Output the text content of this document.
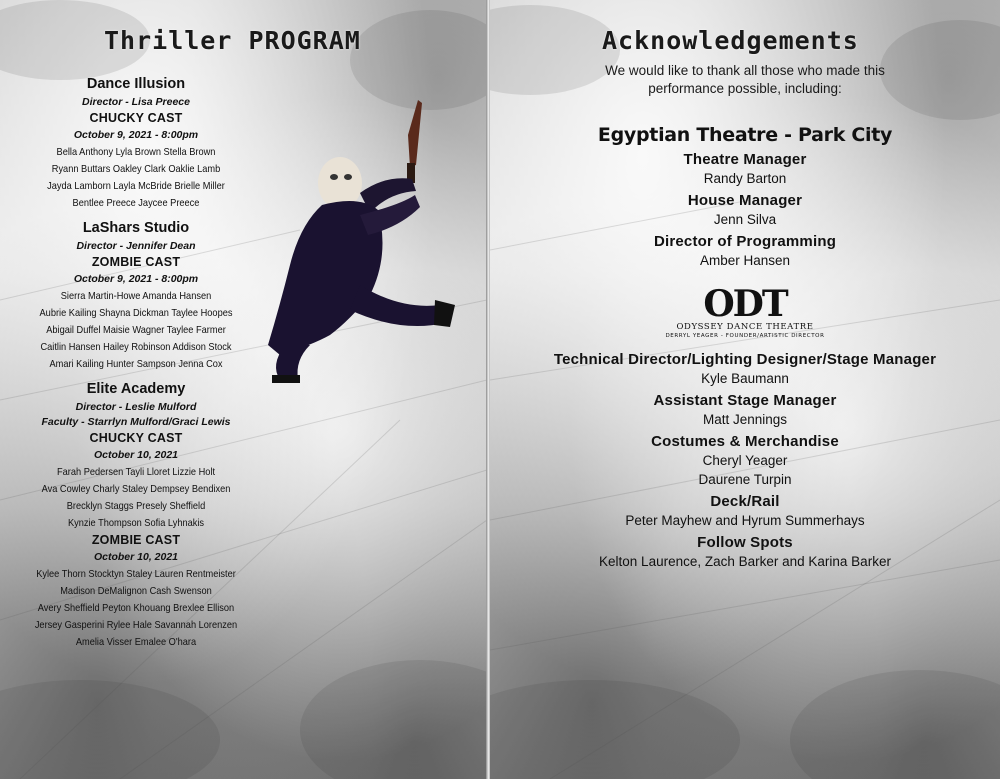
Thriller PROGRAM
Dance Illusion
Director - Lisa Preece
CHUCKY CAST
October 9, 2021 - 8:00pm
Bella Anthony Lyla Brown Stella Brown
Ryann Buttars Oakley Clark Oaklie Lamb
Jayda Lamborn Layla McBride Brielle Miller
Bentlee Preece Jaycee Preece
LaShars Studio
Director - Jennifer Dean
ZOMBIE CAST
October 9, 2021 - 8:00pm
Sierra Martin-Howe Amanda Hansen
Aubrie Kailing Shayna Dickman Taylee Hoopes
Abigail Duffel Maisie Wagner Taylee Farmer
Caitlin Hansen Hailey Robinson Addison Stock
Amari Kailing Hunter Sampson Jenna Cox
Elite Academy
Director - Leslie Mulford
Faculty - Starrlyn Mulford/Graci Lewis
CHUCKY CAST
October 10, 2021
Farah Pedersen Tayli Lloret Lizzie Holt
Ava Cowley Charly Staley Dempsey Bendixen
Brecklyn Staggs Presely Sheffield
Kynzie Thompson Sofia Lyhnakis
ZOMBIE CAST
October 10, 2021
Kylee Thorn Stocktyn Staley Lauren Rentmeister
Madison DeMalignon Cash Swenson
Avery Sheffield Peyton Khouang Brexlee Ellison
Jersey Gasperini Rylee Hale Savannah Lorenzen
Amelia Visser Emalee O'hara
Acknowledgements
We would like to thank all those who made this
performance possible, including:
Egyptian Theatre - Park City
Theatre Manager
Randy Barton
House Manager
Jenn Silva
Director of Programming
Amber Hansen
ODT
ODYSSEY DANCE THEATRE
DERRYL YEAGER - FOUNDER/ARTISTIC DIRECTOR
Technical Director/Lighting Designer/Stage Manager
Kyle Baumann
Assistant Stage Manager
Matt Jennings
Costumes & Merchandise
Cheryl Yeager
Daurene Turpin
Deck/Rail
Peter Mayhew and Hyrum Summerhays
Follow Spots
Kelton Laurence, Zach Barker and Karina Barker
